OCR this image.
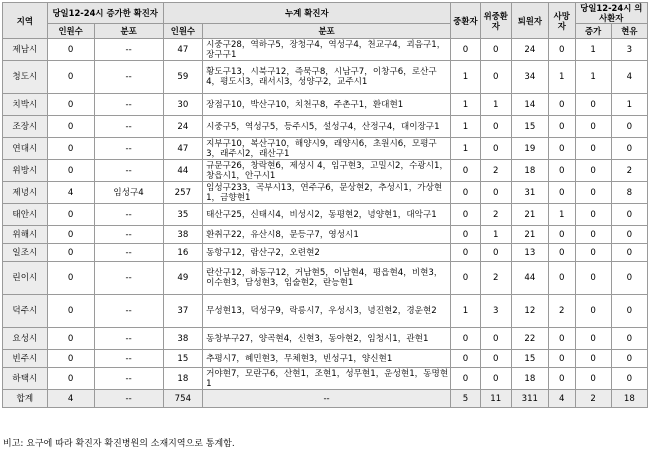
지역	당일12-24시 증가한 확진자		누계 확진자		중환자	위중환자	퇴원자	사망자	당일12-24시 의사환자	
	인원수	분포	인원수	분포					증가	현유
제남시	0	--	47	시중구28，역하구5，장청구4，역성구4，천교구4，괴음구1，장구구1	0	0	24	0	1	3
청도시	0	--	59	황도구13，시북구12，즉묵구8，시남구7，이창구6，로산구4，평도시3，래서시3，성양구2，교주시1	1	0	34	1	1	4
치박시	0	--	30	장점구10，박산구10，치천구8，주촌구1，환대현1	1	1	14	0	0	1
조장시	0	--	24	시중구5，역성구5，등주시5，설성구4，산정구4，대이장구1	1	0	15	0	0	0
연대시	0	--	47	지부구10，복산구10，해양시9，래양시6，초원시6，모평구3，래주시2，래산구1	1	0	19	0	0	0
위방시	0	--	44	규문구26，창락현6，제성시 4，임구현3，고밀시2，수광시1，창읍시1，안구시1	0	2	18	0	0	2
제녕시	4	임성구4	257	임성구233，곡부시13，연주구6，문상현2，추성시1，가상현1，금향현1	0	0	31	0	0	8
태안시	0	--	35	태산구25，신태시4，비성시2，동평현2，녕양현1，대악구1	0	2	21	1	0	0
위해시	0	--	38	환취구22，유산시8，문등구7，영성시1	0	1	21	0	0	0
일조시	0	--	16	동항구12，람산구2，오련현2	0	0	13	0	0	0
린이시	0	--	49	란산구12，하동구12，거남현5，이남현4，평읍현4，비현3，이수현3，담성현3，임술현2，란능현1	0	2	44	0	0	0
덕주시	0	--	37	무성현13，덕성구9，락릉시7，우성시3，녕진현2，경운현2	1	3	12	2	0	0
요성시	0	--	38	동창부구27，양곡현4，신현3，동아현2，임청시1，관현1	0	0	22	0	0	0
빈주시	0	--	15	추평시7，혜민현3，무체현3，빈성구1，양신현1	0	0	15	0	0	0
하택시	0	--	18	거야현7，모란구6，산현1，조현1，성무현1，운성현1，동명현1	0	0	18	0	0	0
합계	4	--	754	--	5	11	311	4	2	18
비고: 요구에 따라 확진자 확진병원의 소재지역으로 통계함.
